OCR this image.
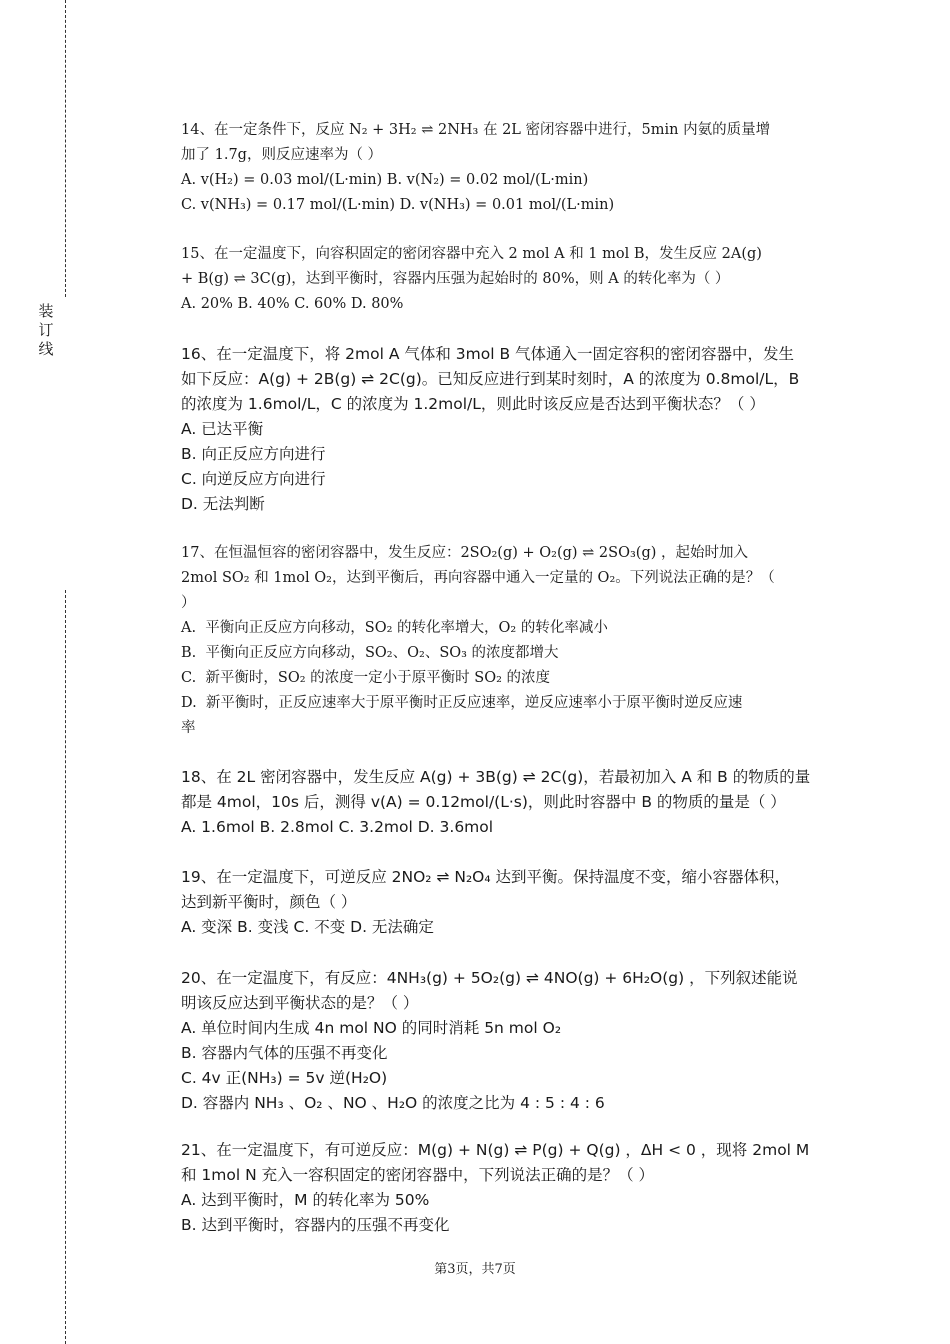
装
订
线
14、在一定条件下，反应 N₂ + 3H₂ ⇌ 2NH₃ 在 2L 密闭容器中进行，5min 内氨的质量增
加了 1.7g，则反应速率为（ ）
A. v(H₂) = 0.03 mol/(L·min) B. v(N₂) = 0.02 mol/(L·min)
C. v(NH₃) = 0.17 mol/(L·min) D. v(NH₃) = 0.01 mol/(L·min)
15、在一定温度下，向容积固定的密闭容器中充入 2 mol A 和 1 mol B，发生反应 2A(g)
+ B(g) ⇌ 3C(g)，达到平衡时，容器内压强为起始时的 80%，则 A 的转化率为（ ）
A. 20% B. 40% C. 60% D. 80%
16、在一定温度下，将 2mol A 气体和 3mol B 气体通入一固定容积的密闭容器中，发生
如下反应：A(g) + 2B(g) ⇌ 2C(g)。已知反应进行到某时刻时，A 的浓度为 0.8mol/L，B
的浓度为 1.6mol/L，C 的浓度为 1.2mol/L，则此时该反应是否达到平衡状态？（ ）
A. 已达平衡
B. 向正反应方向进行
C. 向逆反应方向进行
D. 无法判断
17、在恒温恒容的密闭容器中，发生反应：2SO₂(g) + O₂(g) ⇌ 2SO₃(g) ，起始时加入
2mol SO₂ 和 1mol O₂，达到平衡后，再向容器中通入一定量的 O₂。下列说法正确的是？（
）
A.  平衡向正反应方向移动，SO₂ 的转化率增大，O₂ 的转化率减小
B.  平衡向正反应方向移动，SO₂、O₂、SO₃ 的浓度都增大
C.  新平衡时，SO₂ 的浓度一定小于原平衡时 SO₂ 的浓度
D.  新平衡时，正反应速率大于原平衡时正反应速率，逆反应速率小于原平衡时逆反应速
率
18、在 2L 密闭容器中，发生反应 A(g) + 3B(g) ⇌ 2C(g)，若最初加入 A 和 B 的物质的量
都是 4mol，10s 后，测得 v(A) = 0.12mol/(L·s)，则此时容器中 B 的物质的量是（ ）
A. 1.6mol B. 2.8mol C. 3.2mol D. 3.6mol
19、在一定温度下，可逆反应 2NO₂ ⇌ N₂O₄ 达到平衡。保持温度不变，缩小容器体积，
达到新平衡时，颜色（ ）
A. 变深 B. 变浅 C. 不变 D. 无法确定
20、在一定温度下，有反应：4NH₃(g) + 5O₂(g) ⇌ 4NO(g) + 6H₂O(g) ，下列叙述能说
明该反应达到平衡状态的是？（ ）
A. 单位时间内生成 4n mol NO 的同时消耗 5n mol O₂
B. 容器内气体的压强不再变化
C. 4v 正(NH₃) = 5v 逆(H₂O)
D. 容器内 NH₃ 、O₂ 、NO 、H₂O 的浓度之比为 4 : 5 : 4 : 6
21、在一定温度下，有可逆反应：M(g) + N(g) ⇌ P(g) + Q(g) ，ΔH < 0 ，现将 2mol M
和 1mol N 充入一容积固定的密闭容器中，下列说法正确的是？（ ）
A. 达到平衡时，M 的转化率为 50%
B. 达到平衡时，容器内的压强不再变化
第3页，共7页
